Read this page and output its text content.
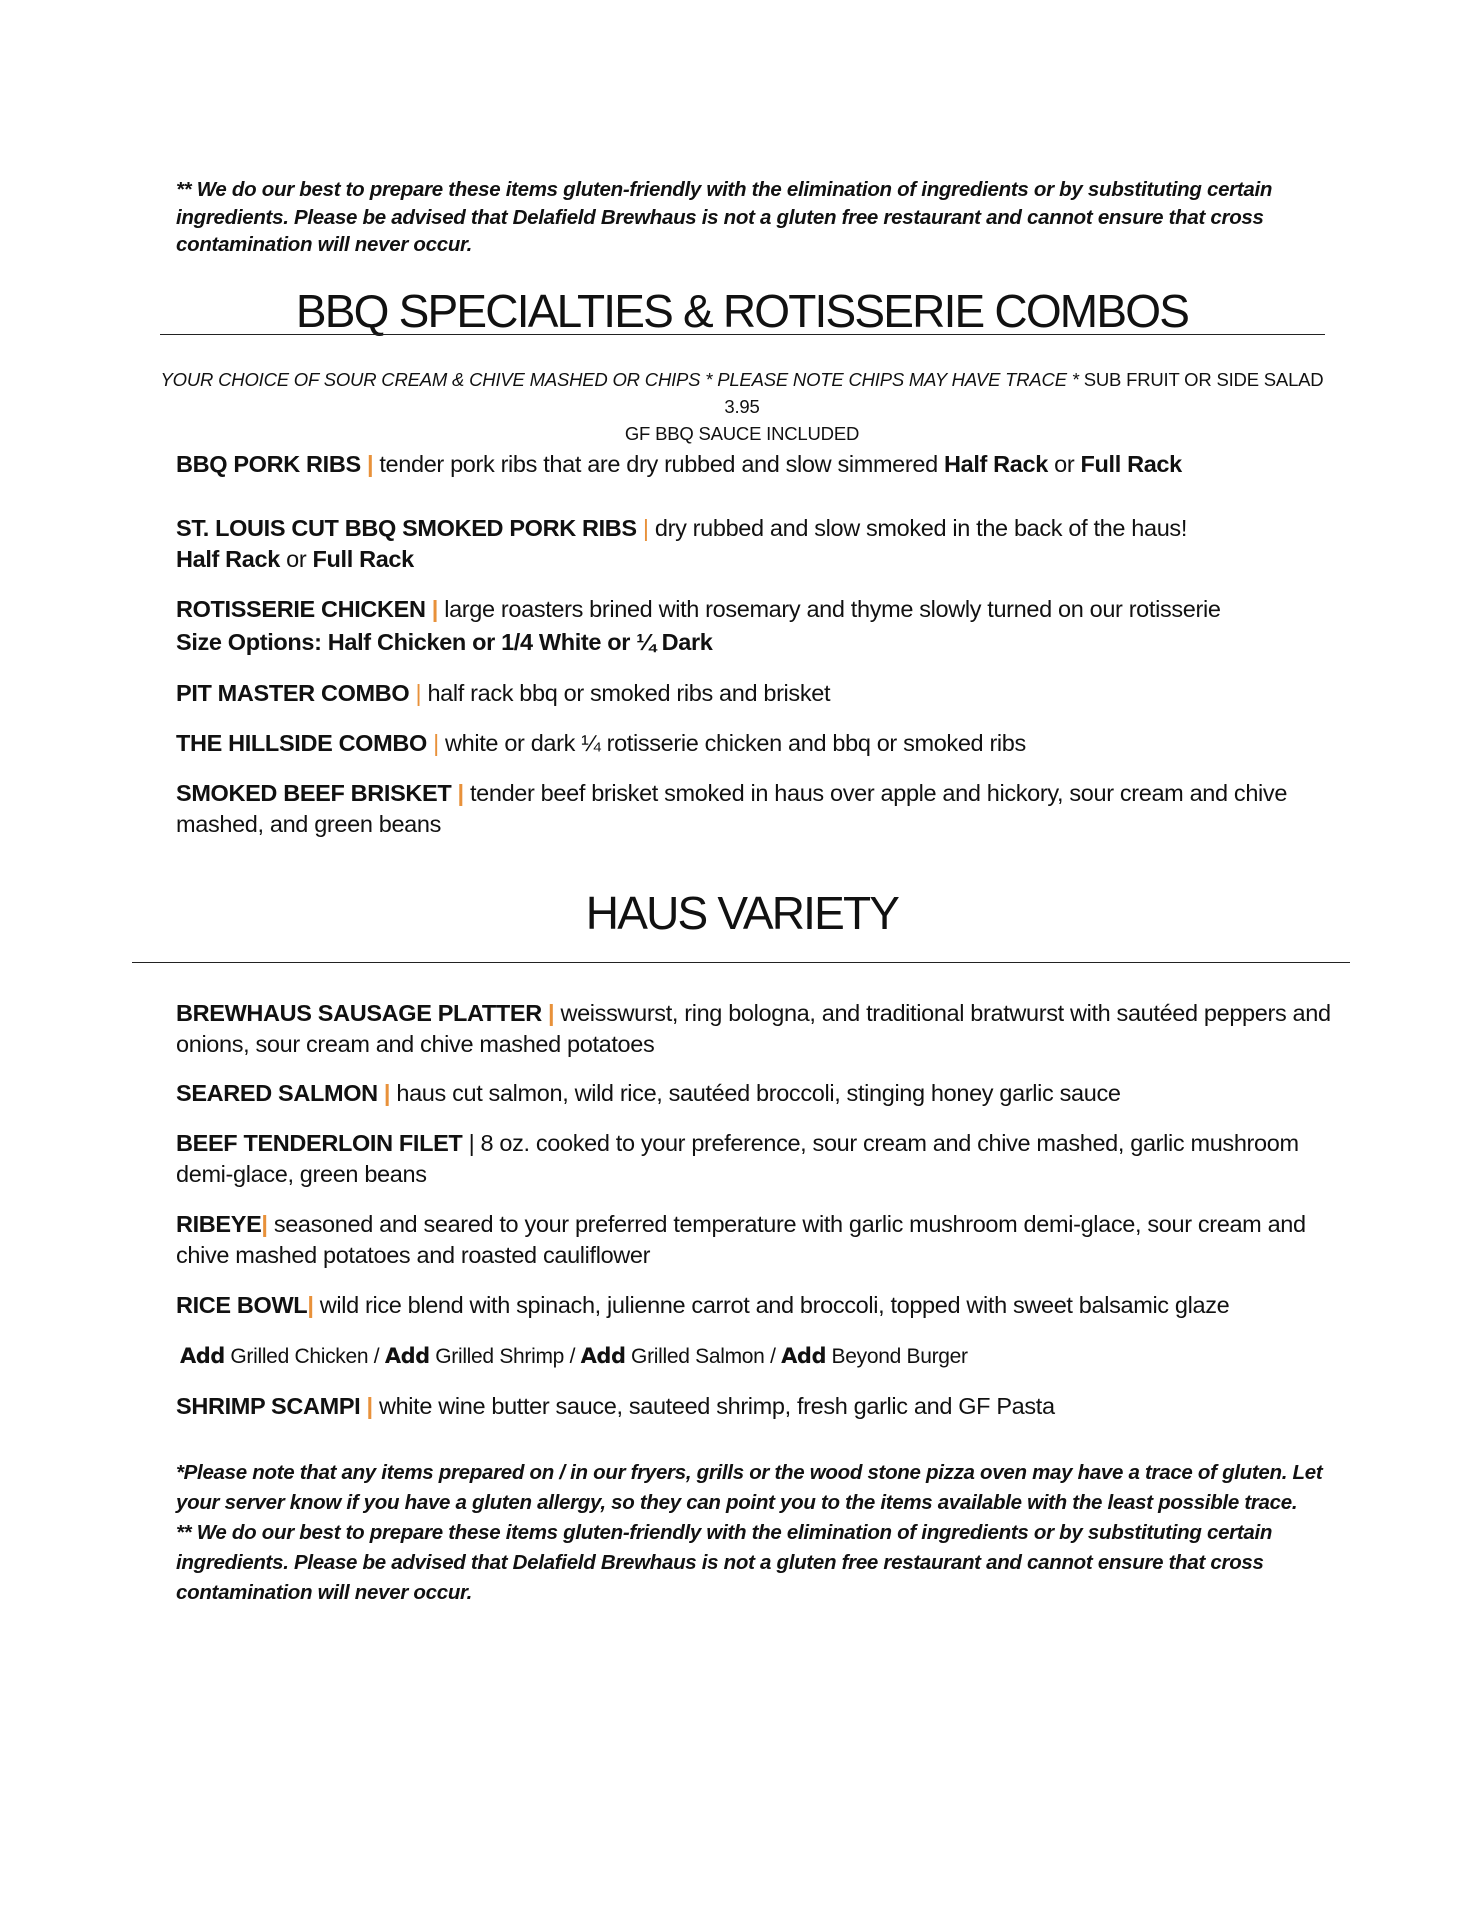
** We do our best to prepare these items gluten-friendly with the elimination of ingredients or by substituting certain ingredients. Please be advised that Delafield Brewhaus is not a gluten free restaurant and cannot ensure that cross contamination will never occur.
BBQ SPECIALTIES & ROTISSERIE COMBOS
YOUR CHOICE OF SOUR CREAM & CHIVE MASHED OR CHIPS * PLEASE NOTE CHIPS MAY HAVE TRACE * SUB FRUIT OR SIDE SALAD 3.95
GF BBQ SAUCE INCLUDED
BBQ PORK RIBS | tender pork ribs that are dry rubbed and slow simmered Half Rack or Full Rack
ST. LOUIS CUT BBQ SMOKED PORK RIBS | dry rubbed and slow smoked in the back of the haus!
Half Rack or Full Rack
ROTISSERIE CHICKEN | large roasters brined with rosemary and thyme slowly turned on our rotisserie
Size Options: Half Chicken or 1/4 White or ¼ Dark
PIT MASTER COMBO | half rack bbq or smoked ribs and brisket
THE HILLSIDE COMBO | white or dark ¼ rotisserie chicken and bbq or smoked ribs
SMOKED BEEF BRISKET | tender beef brisket smoked in haus over apple and hickory, sour cream and chive mashed, and green beans
HAUS VARIETY
BREWHAUS SAUSAGE PLATTER | weisswurst, ring bologna, and traditional bratwurst with sautéed peppers and onions, sour cream and chive mashed potatoes
SEARED SALMON | haus cut salmon, wild rice, sautéed broccoli, stinging honey garlic sauce
BEEF TENDERLOIN FILET | 8 oz. cooked to your preference, sour cream and chive mashed, garlic mushroom demi-glace, green beans
RIBEYE| seasoned and seared to your preferred temperature with garlic mushroom demi-glace, sour cream and chive mashed potatoes and roasted cauliflower
RICE BOWL| wild rice blend with spinach, julienne carrot and broccoli, topped with sweet balsamic glaze
Add Grilled Chicken / Add Grilled Shrimp / Add Grilled Salmon / Add Beyond Burger
SHRIMP SCAMPI | white wine butter sauce, sauteed shrimp, fresh garlic and GF Pasta
*Please note that any items prepared on / in our fryers, grills or the wood stone pizza oven may have a trace of gluten. Let your server know if you have a gluten allergy, so they can point you to the items available with the least possible trace.
** We do our best to prepare these items gluten-friendly with the elimination of ingredients or by substituting certain ingredients. Please be advised that Delafield Brewhaus is not a gluten free restaurant and cannot ensure that cross contamination will never occur.
